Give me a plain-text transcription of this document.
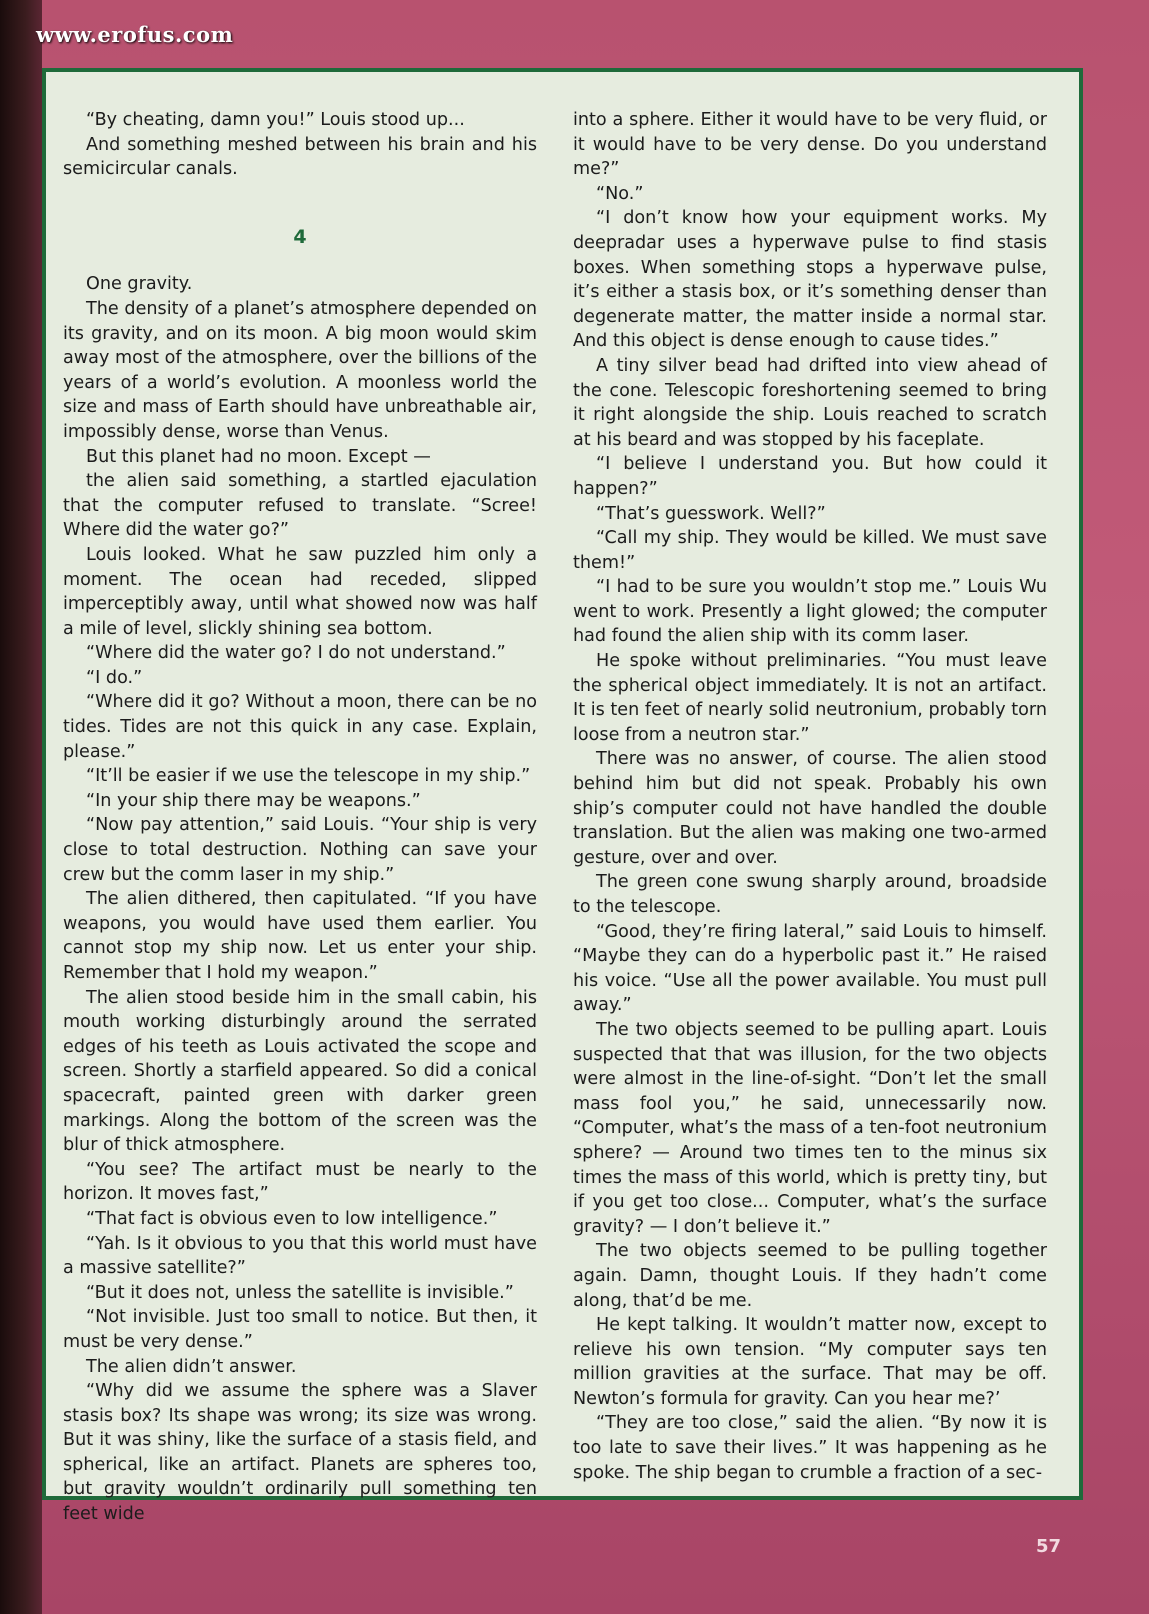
www.erofus.com

“By cheating, damn you!” Louis stood up...

And something meshed between his brain and his semicircular canals.

4

One gravity.

The density of a planet’s atmosphere depended on its gravity, and on its moon. A big moon would skim away most of the atmosphere, over the billions of the years of a world’s evolution. A moonless world the size and mass of Earth should have unbreathable air, impossibly dense, worse than Venus.

But this planet had no moon. Except —

the alien said something, a startled ejaculation that the computer refused to translate. “Scree! Where did the water go?”

Louis looked. What he saw puzzled him only a moment. The ocean had receded, slipped imperceptibly away, until what showed now was half a mile of level, slickly shining sea bottom.

“Where did the water go? I do not understand.”

“I do.”

“Where did it go? Without a moon, there can be no tides. Tides are not this quick in any case. Explain, please.”

“It’ll be easier if we use the telescope in my ship.”

“In your ship there may be weapons.”

“Now pay attention,” said Louis. “Your ship is very close to total destruction. Nothing can save your crew but the comm laser in my ship.”

The alien dithered, then capitulated. “If you have weapons, you would have used them earlier. You cannot stop my ship now. Let us enter your ship. Remember that I hold my weapon.”

The alien stood beside him in the small cabin, his mouth working disturbingly around the serrated edges of his teeth as Louis activated the scope and screen. Shortly a starfield appeared. So did a conical spacecraft, painted green with darker green markings. Along the bottom of the screen was the blur of thick atmosphere.

“You see? The artifact must be nearly to the horizon. It moves fast,”

“That fact is obvious even to low intelligence.”

“Yah. Is it obvious to you that this world must have a massive satellite?”

“But it does not, unless the satellite is invisible.”

“Not invisible. Just too small to notice. But then, it must be very dense.”

The alien didn’t answer.

“Why did we assume the sphere was a Slaver stasis box? Its shape was wrong; its size was wrong. But it was shiny, like the surface of a stasis field, and spherical, like an artifact. Planets are spheres too, but gravity wouldn’t ordinarily pull something ten feet wide

into a sphere. Either it would have to be very fluid, or it would have to be very dense. Do you understand me?”

“No.”

“I don’t know how your equipment works. My deepradar uses a hyperwave pulse to find stasis boxes. When something stops a hyperwave pulse, it’s either a stasis box, or it’s something denser than degenerate matter, the matter inside a normal star. And this object is dense enough to cause tides.”

A tiny silver bead had drifted into view ahead of the cone. Telescopic foreshortening seemed to bring it right alongside the ship. Louis reached to scratch at his beard and was stopped by his faceplate.

“I believe I understand you. But how could it happen?”

“That’s guesswork. Well?”

“Call my ship. They would be killed. We must save them!”

“I had to be sure you wouldn’t stop me.” Louis Wu went to work. Presently a light glowed; the computer had found the alien ship with its comm laser.

He spoke without preliminaries. “You must leave the spherical object immediately. It is not an artifact. It is ten feet of nearly solid neutronium, probably torn loose from a neutron star.”

There was no answer, of course. The alien stood behind him but did not speak. Probably his own ship’s computer could not have handled the double translation. But the alien was making one two-armed gesture, over and over.

The green cone swung sharply around, broadside to the telescope.

“Good, they’re firing lateral,” said Louis to himself. “Maybe they can do a hyperbolic past it.” He raised his voice. “Use all the power available. You must pull away.”

The two objects seemed to be pulling apart. Louis suspected that that was illusion, for the two objects were almost in the line-of-sight. “Don’t let the small mass fool you,” he said, unnecessarily now. “Computer, what’s the mass of a ten-foot neutronium sphere? — Around two times ten to the minus six times the mass of this world, which is pretty tiny, but if you get too close... Computer, what’s the surface gravity? — I don’t believe it.”

The two objects seemed to be pulling together again. Damn, thought Louis. If they hadn’t come along, that’d be me.

He kept talking. It wouldn’t matter now, except to relieve his own tension. “My computer says ten million gravities at the surface. That may be off. Newton’s formula for gravity. Can you hear me?’

“They are too close,” said the alien. “By now it is too late to save their lives.” It was happening as he spoke. The ship began to crumble a fraction of a sec-

57
